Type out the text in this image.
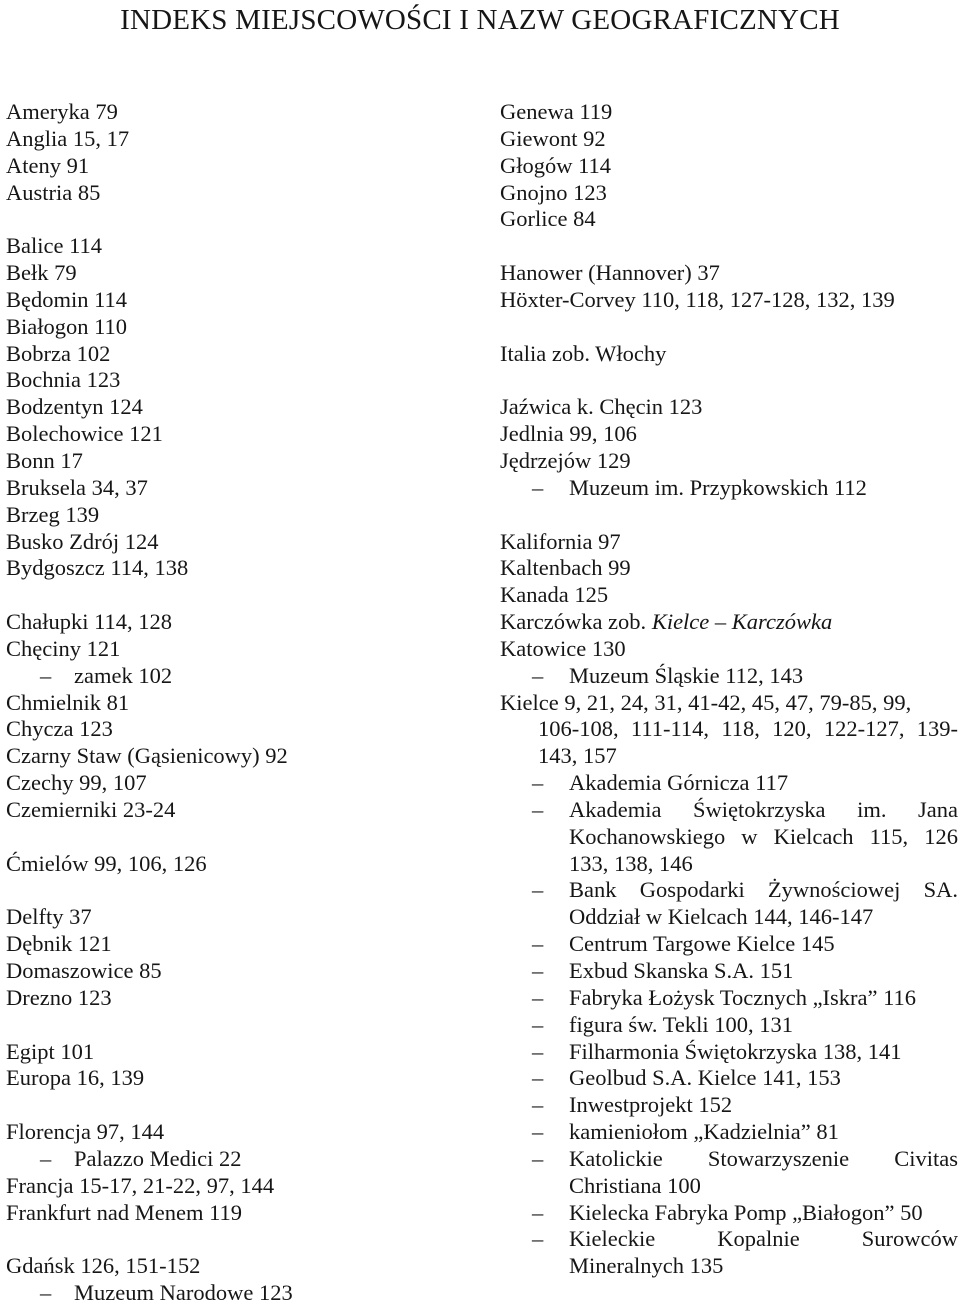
INDEKS MIEJSCOWOŚCI I NAZW GEOGRAFICZNYCH
Ameryka 79
Anglia 15, 17
Ateny 91
Austria 85
Balice 114
Bełk 79
Będomin 114
Białogon 110
Bobrza 102
Bochnia 123
Bodzentyn 124
Bolechowice 121
Bonn 17
Bruksela 34, 37
Brzeg 139
Busko Zdrój 124
Bydgoszcz 114, 138
Chałupki 114, 128
Chęciny 121
– zamek 102
Chmielnik 81
Chycza 123
Czarny Staw (Gąsienicowy) 92
Czechy 99, 107
Czemierniki 23-24
Ćmielów 99, 106, 126
Delfty 37
Dębnik 121
Domaszowice 85
Drezno 123
Egipt 101
Europa 16, 139
Florencja 97, 144
– Palazzo Medici 22
Francja 15-17, 21-22, 97, 144
Frankfurt nad Menem 119
Gdańsk 126, 151-152
– Muzeum Narodowe 123
Genewa 119
Giewont 92
Głogów 114
Gnojno 123
Gorlice 84
Hanower (Hannover) 37
Höxter-Corvey 110, 118, 127-128, 132, 139
Italia zob. Włochy
Jaźwica k. Chęcin 123
Jedlnia 99, 106
Jędrzejów 129
– Muzeum im. Przypkowskich 112
Kalifornia 97
Kaltenbach 99
Kanada 125
Karczówka zob. Kielce – Karczówka
Katowice 130
– Muzeum Śląskie 112, 143
Kielce 9, 21, 24, 31, 41-42, 45, 47, 79-85, 99,
106-108, 111-114, 118, 120, 122-127, 139-143, 157
– Akademia Górnicza 117
– Akademia Świętokrzyska im. Jana Kochanowskiego w Kielcach 115, 126 133, 138, 146
– Bank Gospodarki Żywnościowej SA. Oddział w Kielcach 144, 146-147
– Centrum Targowe Kielce 145
– Exbud Skanska S.A. 151
– Fabryka Łożysk Tocznych „Iskra” 116
– figura św. Tekli 100, 131
– Filharmonia Świętokrzyska 138, 141
– Geolbud S.A. Kielce 141, 153
– Inwestprojekt 152
– kamieniołom „Kadzielnia” 81
– Katolickie Stowarzyszenie Civitas Christiana 100
– Kielecka Fabryka Pomp „Białogon” 50
– Kieleckie Kopalnie Surowców Mineralnych 135
